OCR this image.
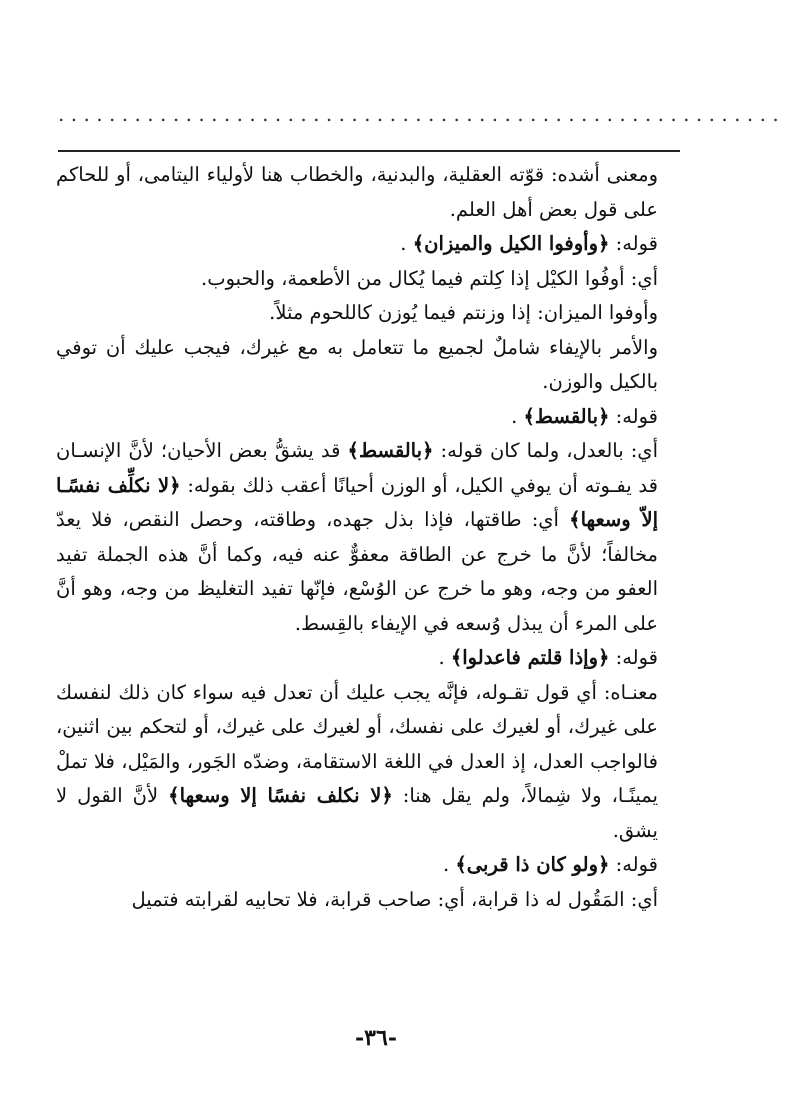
.........................................................

ومعنى أشده: قوّته العقلية، والبدنية، والخطاب هنا لأولياء اليتامى، أو للحاكم على قول بعض أهل العلم.

قوله: ﴿وأوفوا الكيل والميزان﴾ .

أي: أوفُوا الكيْل إذا كِلتم فيما يُكال من الأطعمة، والحبوب.

وأوفوا الميزان: إذا وزنتم فيما يُوزن كاللحوم مثلاً.

والأمر بالإيفاء شاملٌ لجميع ما تتعامل به مع غيرك، فيجب عليك أن توفي بالكيل والوزن.

قوله: ﴿بالقسط﴾ .

أي: بالعدل، ولما كان قوله: ﴿بالقسط﴾ قد يشقُّ بعض الأحيان؛ لأنَّ الإنسـان قد يفـوته أن يوفي الكيل، أو الوزن أحيانًا أعقب ذلك بقوله: ﴿لا نكلِّف نفسًـا إلاّ وسعها﴾ أي: طاقتها، فإذا بذل جهده، وطاقته، وحصل النقص، فلا يعدّ مخالفاً؛ لأنَّ ما خرج عن الطاقة معفوٌّ عنه فيه، وكما أنَّ هذه الجملة تفيد العفو من وجه، وهو ما خرج عن الوُسْع، فإنّها تفيد التغليظ من وجه، وهو أنَّ على المرء أن يبذل وُسعه في الإيفاء بالقِسط.

قوله: ﴿وإذا قلتم فاعدلوا﴾ .

معنـاه: أي قول تقـوله، فإنَّه يجب عليك أن تعدل فيه سواء كان ذلك لنفسك على غيرك، أو لغيرك على نفسك، أو لغيرك على غيرك، أو لتحكم بين اثنين، فالواجب العدل، إذ العدل في اللغة الاستقامة، وضدّه الجَور، والمَيْل، فلا تملْ يمينًـا، ولا شِمالاً، ولم يقل هنا: ﴿لا نكلف نفسًا إلا وسعها﴾ لأنَّ القول لا يشق.

قوله: ﴿ولو كان ذا قربى﴾ .

أي: المَقُول له ذا قرابة، أي: صاحب قرابة، فلا تحابيه لقرابته فتميل

-٣٦-
